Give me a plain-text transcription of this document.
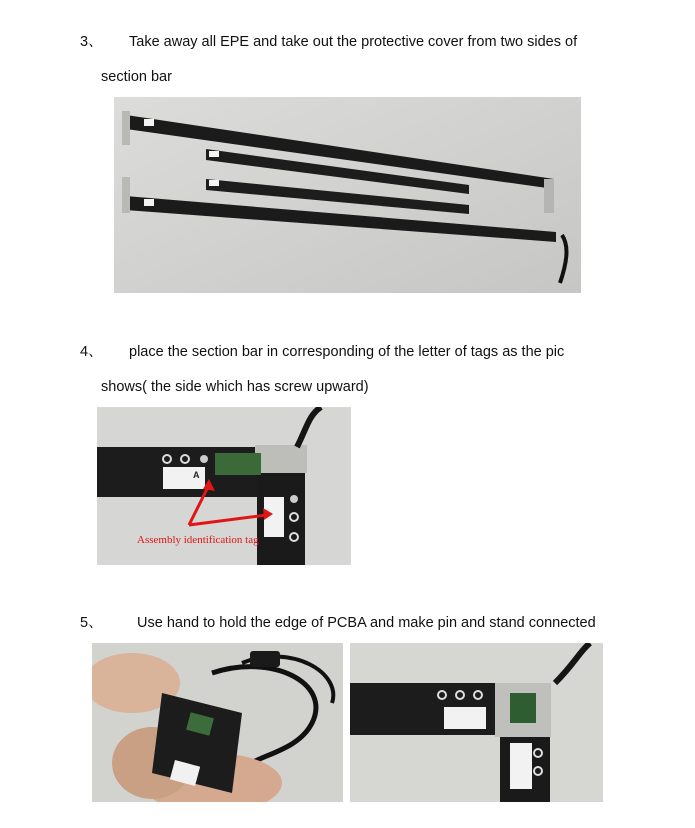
3、 Take away all EPE and take out the protective cover from two sides of
section bar
4、 place the section bar in corresponding of the letter of tags as the pic
shows( the side which has screw upward)
A
Assembly identification tag
5、 Use hand to hold the edge of PCBA and make pin and stand connected
